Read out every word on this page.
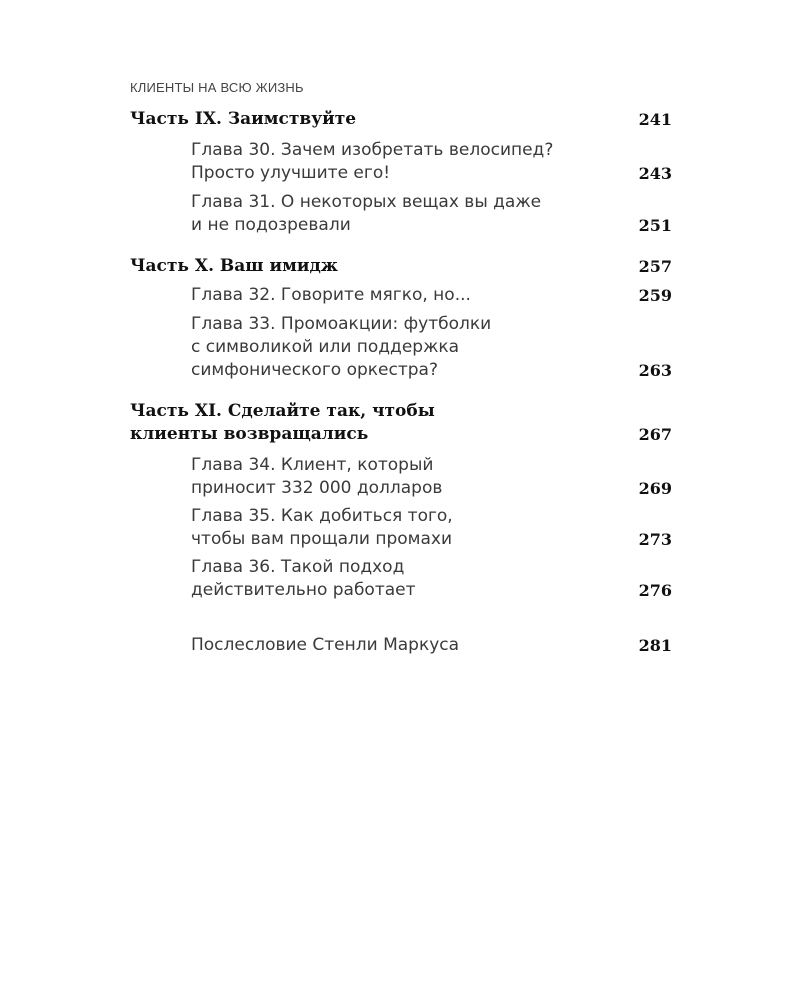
КЛИЕНТЫ НА ВСЮ ЖИЗНЬ
Часть IX. Заимствуйте	241
Глава 30. Зачем изобретать велосипед?
Просто улучшите его!	243
Глава 31. О некоторых вещах вы даже
и не подозревали	251
Часть X. Ваш имидж	257
Глава 32. Говорите мягко, но...	259
Глава 33. Промоакции: футболки
с символикой или поддержка
симфонического оркестра?	263
Часть XI. Сделайте так, чтобы
клиенты возвращались	267
Глава 34. Клиент, который
приносит 332 000 долларов	269
Глава 35. Как добиться того,
чтобы вам прощали промахи	273
Глава 36. Такой подход
действительно работает	276
Послесловие Стенли Маркуса	281
